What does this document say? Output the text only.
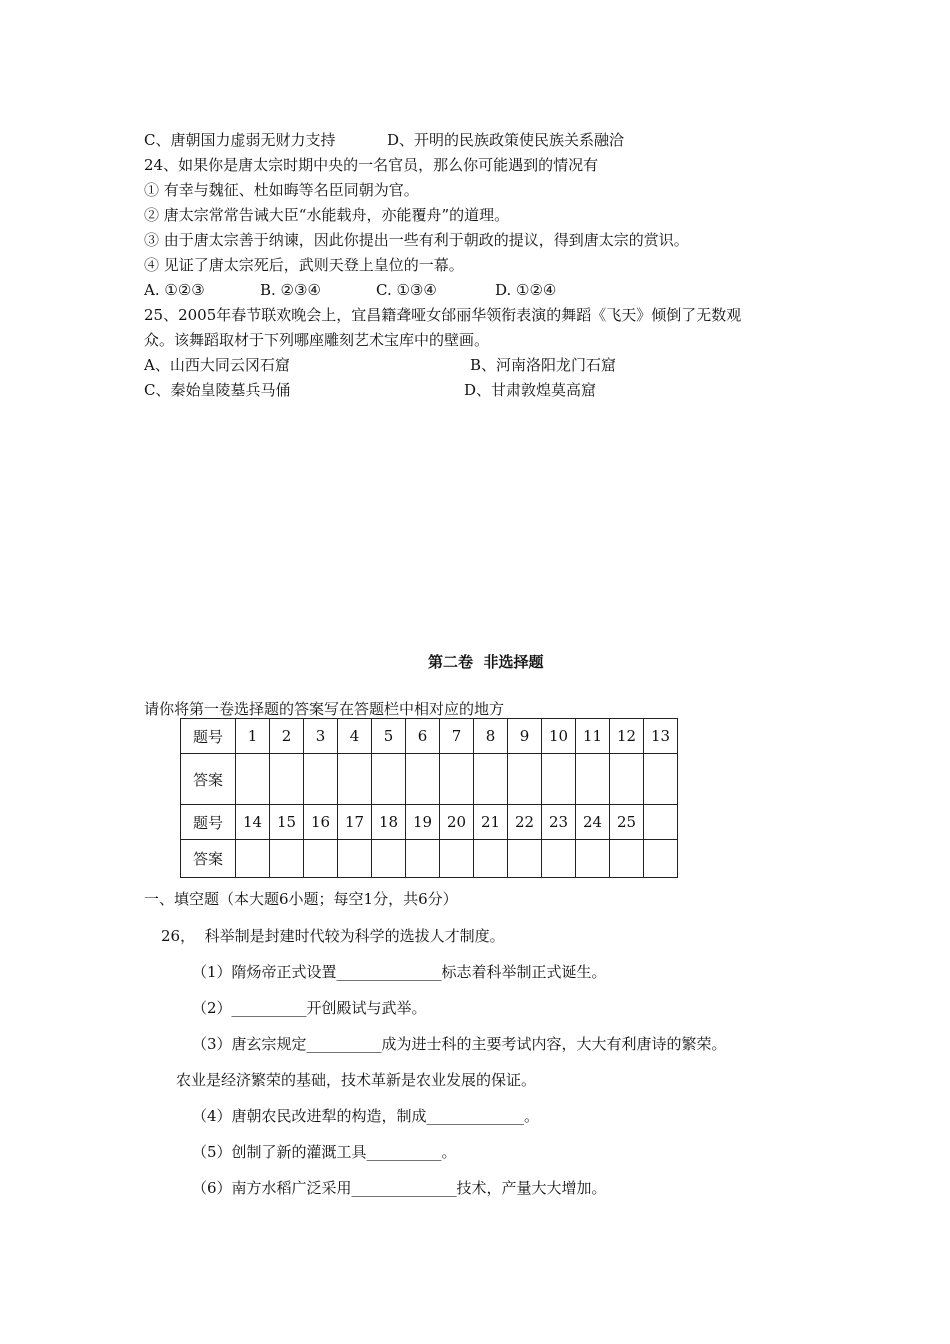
C、唐朝国力虚弱无财力支持	D、开明的民族政策使民族关系融洽
24、如果你是唐太宗时期中央的一名官员，那么你可能遇到的情况有
① 有幸与魏征、杜如晦等名臣同朝为官。
② 唐太宗常常告诫大臣“水能载舟，亦能覆舟”的道理。
③ 由于唐太宗善于纳谏，因此你提出一些有利于朝政的提议，得到唐太宗的赏识。
④ 见证了唐太宗死后，武则天登上皇位的一幕。
A. ①②③	B. ②③④	C. ①③④	D. ①②④
25、2005年春节联欢晚会上，宜昌籍聋哑女邰丽华领衔表演的舞蹈《飞天》倾倒了无数观
众。该舞蹈取材于下列哪座雕刻艺术宝库中的壁画。
A、山西大同云冈石窟	B、河南洛阳龙门石窟
C、秦始皇陵墓兵马俑	D、甘肃敦煌莫高窟
第二卷  非选择题
请你将第一卷选择题的答案写在答题栏中相对应的地方
题号	1	2	3	4	5	6	7	8	9	10	11	12	13
答案													
题号	14	15	16	17	18	19	20	21	22	23	24	25	
答案													
一、填空题（本大题6小题；每空1分，共6分）
26，  科举制是封建时代较为科学的选拔人才制度。
（1）隋炀帝正式设置______________标志着科举制正式诞生。
（2）__________开创殿试与武举。
（3）唐玄宗规定__________成为进士科的主要考试内容，大大有利唐诗的繁荣。
农业是经济繁荣的基础，技术革新是农业发展的保证。
（4）唐朝农民改进犁的构造，制成_____________。
（5）创制了新的灌溉工具__________。
（6）南方水稻广泛采用______________技术，产量大大增加。
